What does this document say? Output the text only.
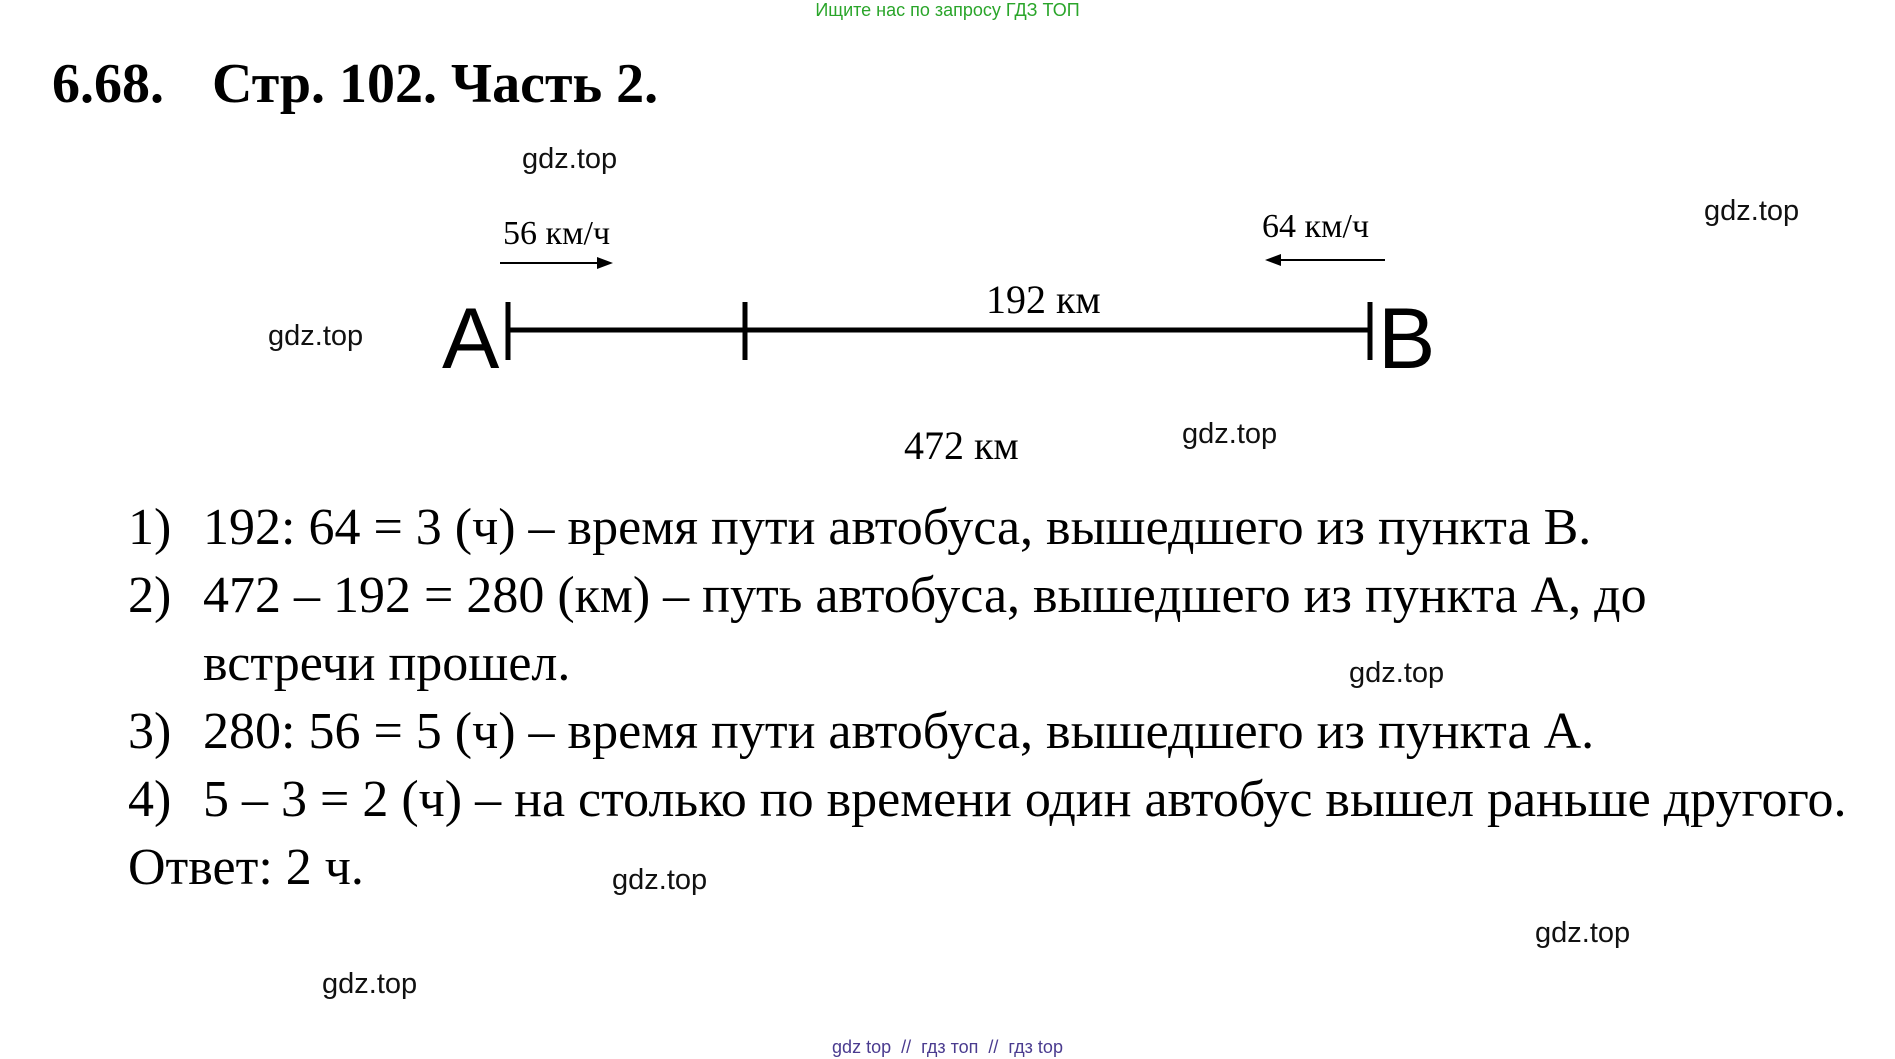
Ищите нас по запросу ГДЗ ТОП
6.68. Стр. 102. Часть 2.
gdz.top
gdz.top
gdz.top
gdz.top
gdz.top
gdz.top
gdz.top
gdz.top
A	B
56 км/ч	64 км/ч
192 км
472 км
1) 192: 64 = 3 (ч) – время пути автобуса, вышедшего из пункта В.
2) 472 – 192 = 280 (км) – путь автобуса, вышедшего из пункта А, до встречи прошел.
3) 280: 56 = 5 (ч) – время пути автобуса, вышедшего из пункта А.
4) 5 – 3 = 2 (ч) – на столько по времени один автобус вышел раньше другого.
Ответ: 2 ч.
gdz top  //  гдз топ  //  гдз top
